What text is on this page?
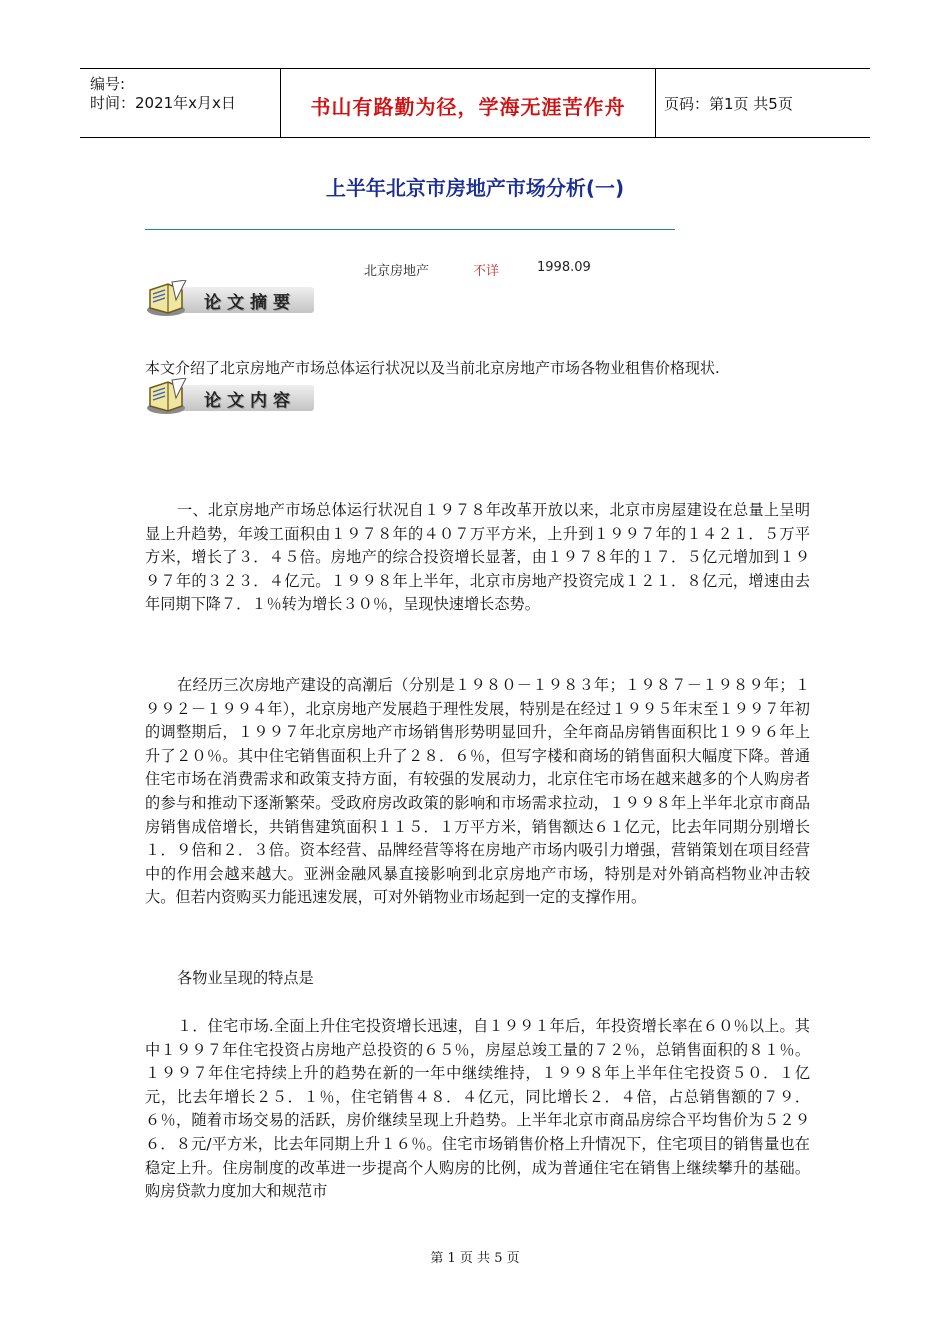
编号:
时间：2021年x月x日	书山有路勤为径，学海无涯苦作舟	页码：第1页 共5页
上半年北京市房地产市场分析(一)
北京房地产	不详	1998.09
论文摘要
本文介绍了北京房地产市场总体运行状况以及当前北京房地产市场各物业租售价格现状.
论文内容

一、北京房地产市场总体运行状况自１９７８年改革开放以来，北京市房屋建设在总量上呈明显上升趋势，年竣工面积由１９７８年的４０７万平方米，上升到１９９７年的１４２１．５万平方米，增长了３．４５倍。房地产的综合投资增长显著，由１９７８年的１７．５亿元增加到１９９７年的３２３．４亿元。１９９８年上半年，北京市房地产投资完成１２１．８亿元，增速由去年同期下降７．１％转为增长３０％，呈现快速增长态势。

在经历三次房地产建设的高潮后（分别是１９８０－１９８３年；１９８７－１９８９年；１９９２－１９９４年），北京房地产发展趋于理性发展，特别是在经过１９９５年末至１９９７年初的调整期后，１９９７年北京房地产市场销售形势明显回升，全年商品房销售面积比１９９６年上升了２０％。其中住宅销售面积上升了２８．６％，但写字楼和商场的销售面积大幅度下降。普通住宅市场在消费需求和政策支持方面，有较强的发展动力，北京住宅市场在越来越多的个人购房者的参与和推动下逐渐繁荣。受政府房改政策的影响和市场需求拉动，１９９８年上半年北京市商品房销售成倍增长，共销售建筑面积１１５．１万平方米，销售额达６１亿元，比去年同期分别增长１．９倍和２．３倍。资本经营、品牌经营等将在房地产市场内吸引力增强，营销策划在项目经营中的作用会越来越大。亚洲金融风暴直接影响到北京房地产市场，特别是对外销高档物业冲击较大。但若内资购买力能迅速发展，可对外销物业市场起到一定的支撑作用。

各物业呈现的特点是

１．住宅市场.全面上升住宅投资增长迅速，自１９９１年后，年投资增长率在６０％以上。其中１９９７年住宅投资占房地产总投资的６５％，房屋总竣工量的７２％，总销售面积的８１％。１９９７年住宅持续上升的趋势在新的一年中继续维持，１９９８年上半年住宅投资５０．１亿元，比去年增长２５．１％，住宅销售４８．４亿元，同比增长２．４倍，占总销售额的７９．６％，随着市场交易的活跃，房价继续呈现上升趋势。上半年北京市商品房综合平均售价为５２９６．８元/平方米，比去年同期上升１６％。住宅市场销售价格上升情况下，住宅项目的销售量也在稳定上升。住房制度的改革进一步提高个人购房的比例，成为普通住宅在销售上继续攀升的基础。购房贷款力度加大和规范市

第 1 页 共 5 页
